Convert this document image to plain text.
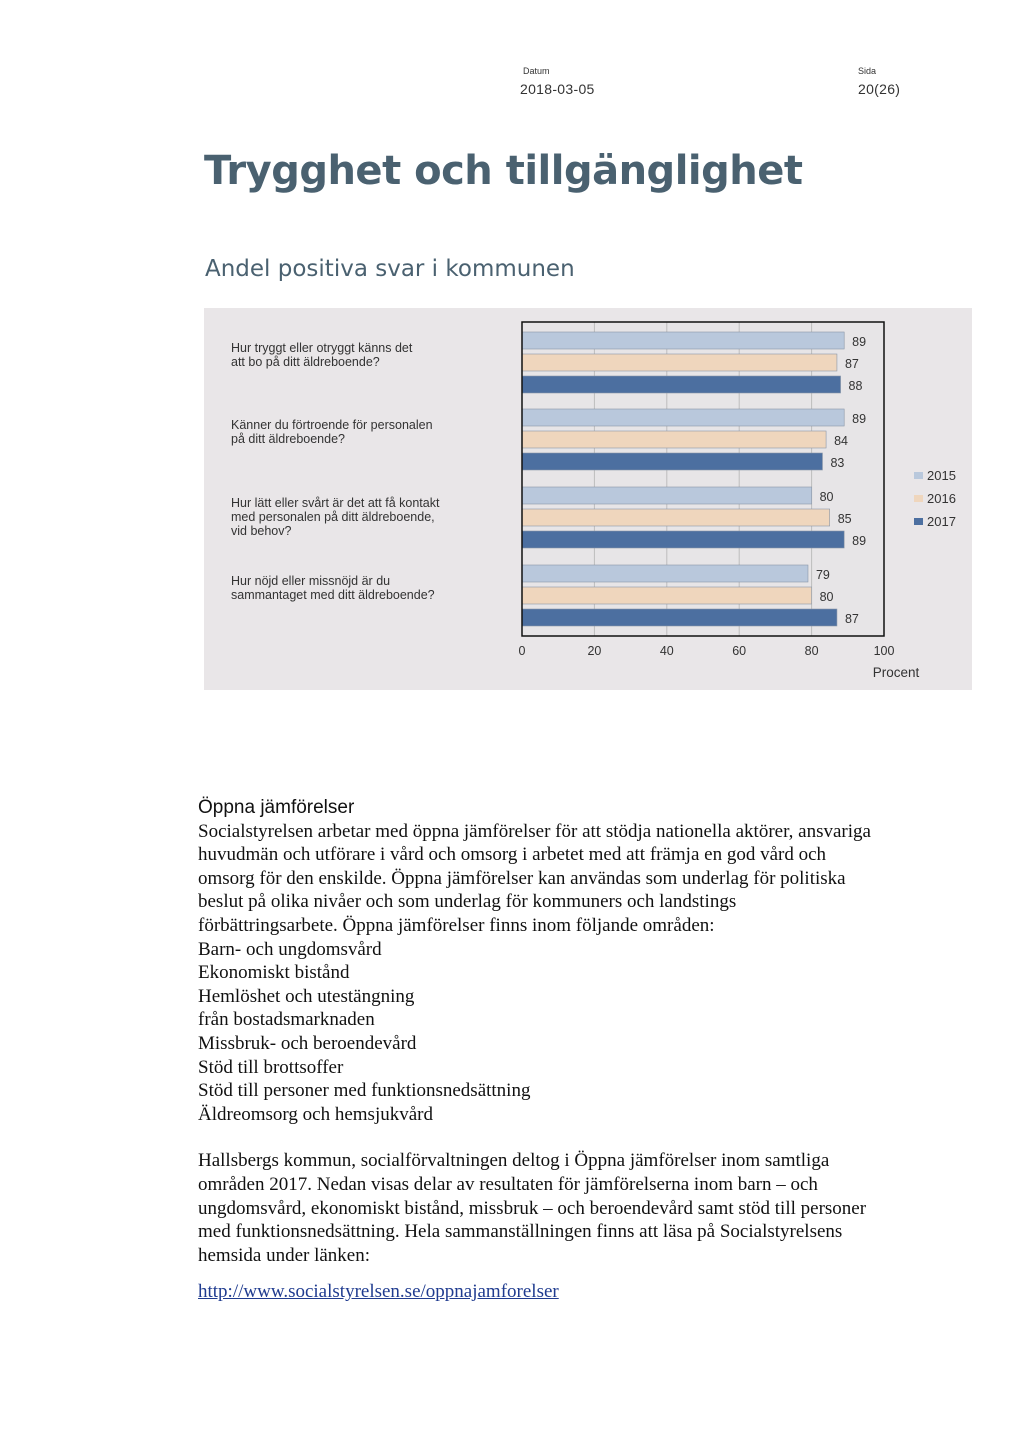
Datum
2018-03-05
Sida
20(26)
Trygghet och tillgänglighet
Andel positiva svar i kommunen
Hur tryggt eller otryggt känns det
att bo på ditt äldreboende?
Känner du förtroende för personalen
på ditt äldreboende?
Hur lätt eller svårt är det att få kontakt
med personalen på ditt äldreboende,
vid behov?
Hur nöjd eller missnöjd är du
sammantaget med ditt äldreboende?
89
89
80
79
87
84
85
80
88
83
89
87
0	20	40	60	80	100
Procent
2015
2016
2017
Öppna jämförelser

Socialstyrelsen arbetar med öppna jämförelser för att stödja nationella aktörer, ansvariga huvudmän och utförare i vård och omsorg i arbetet med att främja en god vård och omsorg för den enskilde. Öppna jämförelser kan användas som underlag för politiska beslut på olika nivåer och som underlag för kommuners och landstings förbättringsarbete. Öppna jämförelser finns inom följande områden:

Barn- och ungdomsvård
Ekonomiskt bistånd
Hemlöshet och utestängning
från bostadsmarknaden
Missbruk- och beroendevård
Stöd till brottsoffer
Stöd till personer med funktionsnedsättning
Äldreomsorg och hemsjukvård

Hallsbergs kommun, socialförvaltningen deltog i Öppna jämförelser inom samtliga områden 2017. Nedan visas delar av resultaten för jämförelserna inom barn – och ungdomsvård, ekonomiskt bistånd, missbruk – och beroendevård samt stöd till personer med funktionsnedsättning. Hela sammanställningen finns att läsa på Socialstyrelsens hemsida under länken:

http://www.socialstyrelsen.se/oppnajamforelser
